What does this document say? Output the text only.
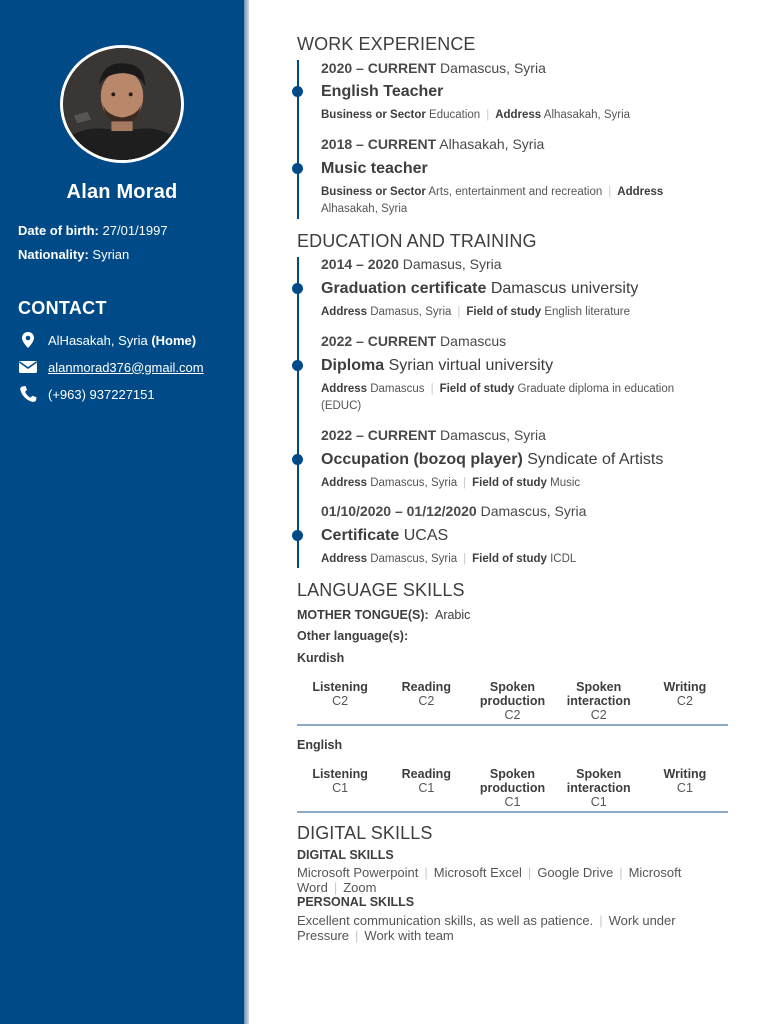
Alan Morad
Date of birth: 27/01/1997
Nationality: Syrian
CONTACT
AlHasakah, Syria
(Home)
alanmorad376@gmail.com
(+963) 937227151
WORK EXPERIENCE
2020 – CURRENT Damascus, Syria
English Teacher
Business or Sector Education | Address Alhasakah, Syria
2018 – CURRENT Alhasakah, Syria
Music teacher
Business or Sector Arts, entertainment and recreation | Address Alhasakah, Syria
EDUCATION AND TRAINING
2014 – 2020 Damasus, Syria
Graduation certificate Damascus university
Address Damasus, Syria | Field of study English literature
2022 – CURRENT Damascus
Diploma Syrian virtual university
Address Damascus | Field of study Graduate diploma in education (EDUC)
2022 – CURRENT Damascus, Syria
Occupation (bozoq player) Syndicate of Artists
Address Damascus, Syria | Field of study Music
01/10/2020 – 01/12/2020 Damascus, Syria
Certificate UCAS
Address Damascus, Syria | Field of study ICDL
LANGUAGE SKILLS
MOTHER TONGUE(S): Arabic
Other language(s):
Kurdish
Listening
C2
Reading
C2
Spoken production
C2
Spoken interaction
C2
Writing
C2
English
Listening
C1
Reading
C1
Spoken production
C1
Spoken interaction
C1
Writing
C1
DIGITAL SKILLS
DIGITAL SKILLS
Microsoft Powerpoint | Microsoft Excel | Google Drive | Microsoft Word | Zoom
PERSONAL SKILLS
Excellent communication skills, as well as patience. | Work under Pressure | Work with team
